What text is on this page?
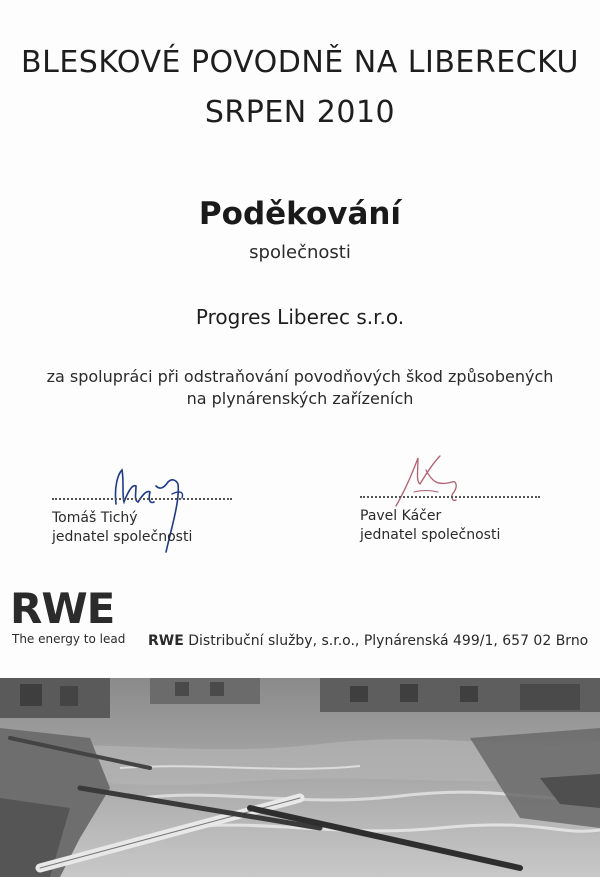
BLESKOVÉ POVODNĚ NA LIBERECKU
SRPEN 2010
Poděkování
společnosti
Progres Liberec s.r.o.
za spolupráci při odstraňování povodňových škod způsobených
na plynárenských zařízeních
Tomáš Tichý
jednatel společnosti
Pavel Káčer
jednatel společnosti
RWE
The energy to lead RWE Distribuční služby, s.r.o., Plynárenská 499/1, 657 02 Brno
